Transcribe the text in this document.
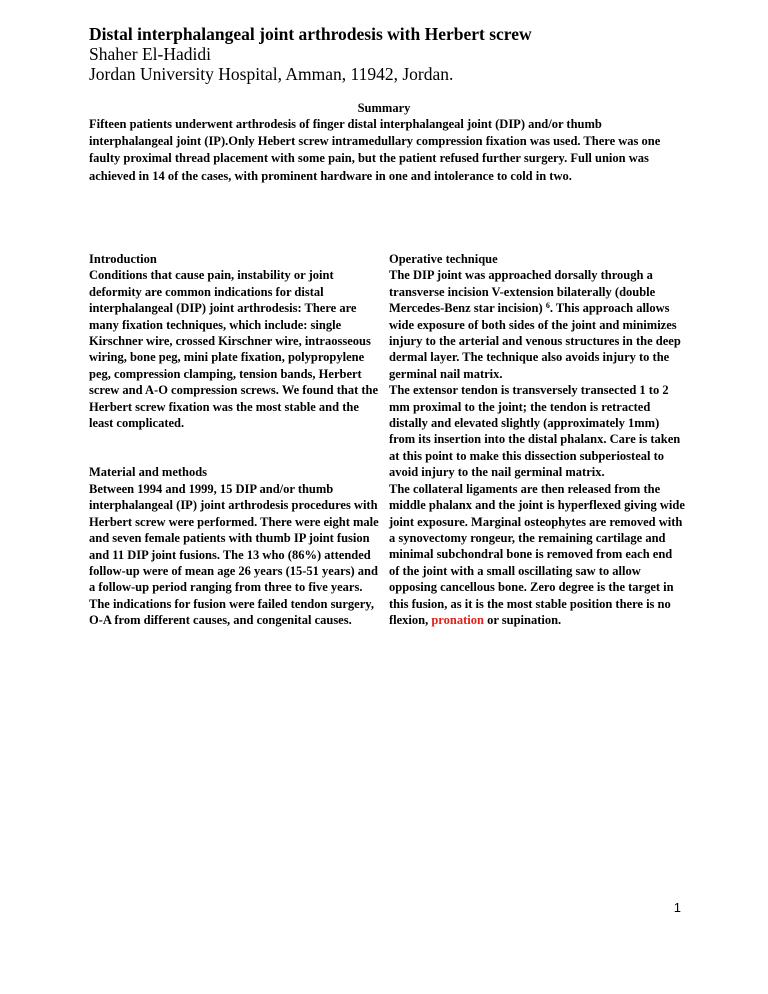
Distal interphalangeal joint arthrodesis with Herbert screw
Shaher El-Hadidi
Jordan University Hospital, Amman, 11942, Jordan.
Summary

Fifteen patients underwent arthrodesis of finger distal interphalangeal joint (DIP) and/or thumb interphalangeal joint (IP).Only Hebert screw intramedullary compression fixation was used. There was one faulty proximal thread placement with some pain, but the patient refused further surgery. Full union was achieved in 14 of the cases, with prominent hardware in one and intolerance to cold in two.

Introduction

Conditions that cause pain, instability or joint deformity are common indications for distal interphalangeal (DIP) joint arthrodesis: There are many fixation techniques, which include: single Kirschner wire, crossed Kirschner wire, intraosseous wiring, bone peg, mini plate fixation, polypropylene peg, compression clamping, tension bands, Herbert screw and A-O compression screws. We found that the Herbert screw fixation was the most stable and the least complicated.

Material and methods

Between 1994 and 1999, 15 DIP and/or thumb interphalangeal (IP) joint arthrodesis procedures with Herbert screw were performed. There were eight male and seven female patients with thumb IP joint fusion and 11 DIP joint fusions. The 13 who (86%) attended follow-up were of mean age 26 years (15-51 years) and a follow-up period ranging from three to five years. The indications for fusion were failed tendon surgery, O-A from different causes, and congenital causes.

Operative technique

The DIP joint was approached dorsally through a transverse incision V-extension bilaterally (double Mercedes-Benz star incision) $^6$. This approach allows wide exposure of both sides of the joint and minimizes injury to the arterial and venous structures in the deep dermal layer. The technique also avoids injury to the germinal nail matrix.

The extensor tendon is transversely transected 1 to 2 mm proximal to the joint; the tendon is retracted distally and elevated slightly (approximately 1mm) from its insertion into the distal phalanx. Care is taken at this point to make this dissection subperiosteal to avoid injury to the nail germinal matrix.

The collateral ligaments are then released from the middle phalanx and the joint is hyperflexed giving wide joint exposure. Marginal osteophytes are removed with a synovectomy rongeur, the remaining cartilage and minimal subchondral bone is removed from each end of the joint with a small oscillating saw to allow opposing cancellous bone. Zero degree is the target in this fusion, as it is the most stable position there is no flexion, pronation or supination.

1
